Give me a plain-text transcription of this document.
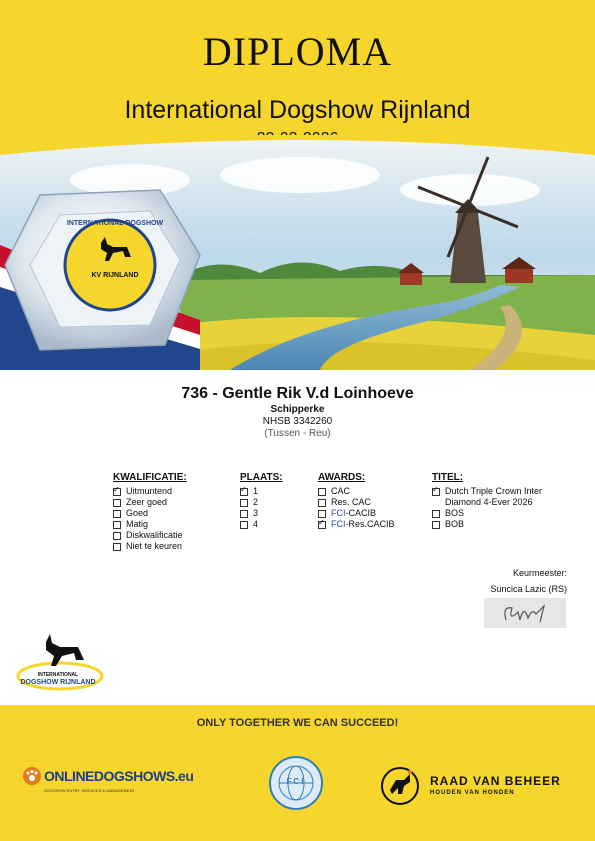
DIPLOMA
International Dogshow Rijnland
INTERNATIONAL DOGSHOW
KV RIJNLAND
736 - Gentle Rik V.d Loinhoeve
Schipperke
NHSB 3342260
(Tussen - Reu)
KWALIFICATIE:
✓
Uitmuntend
Zeer goed
Goed
Matig
Diskwalificatie
Niet te keuren
PLAATS:
✓
1
2
3
4
AWARDS:
CAC
Res. CAC
FCI- CACIB
✓
FCI- Res.CACIB
TITEL:
✓
Dutch Triple Crown Inter
Diamond 4-Ever 2026
BOS
BOB
Keurmeester:
Suncica Lazic (RS)
INTERNATIONAL
DOGSHOW RIJNLAND
ONLY TOGETHER WE CAN SUCCEED!
ONLINEDOGSHOWS.eu
DOGSHOW ENTRY SERVICES & MANAGEMENT
FCI	RAAD VAN BEHEER
HOUDEN VAN HONDEN
